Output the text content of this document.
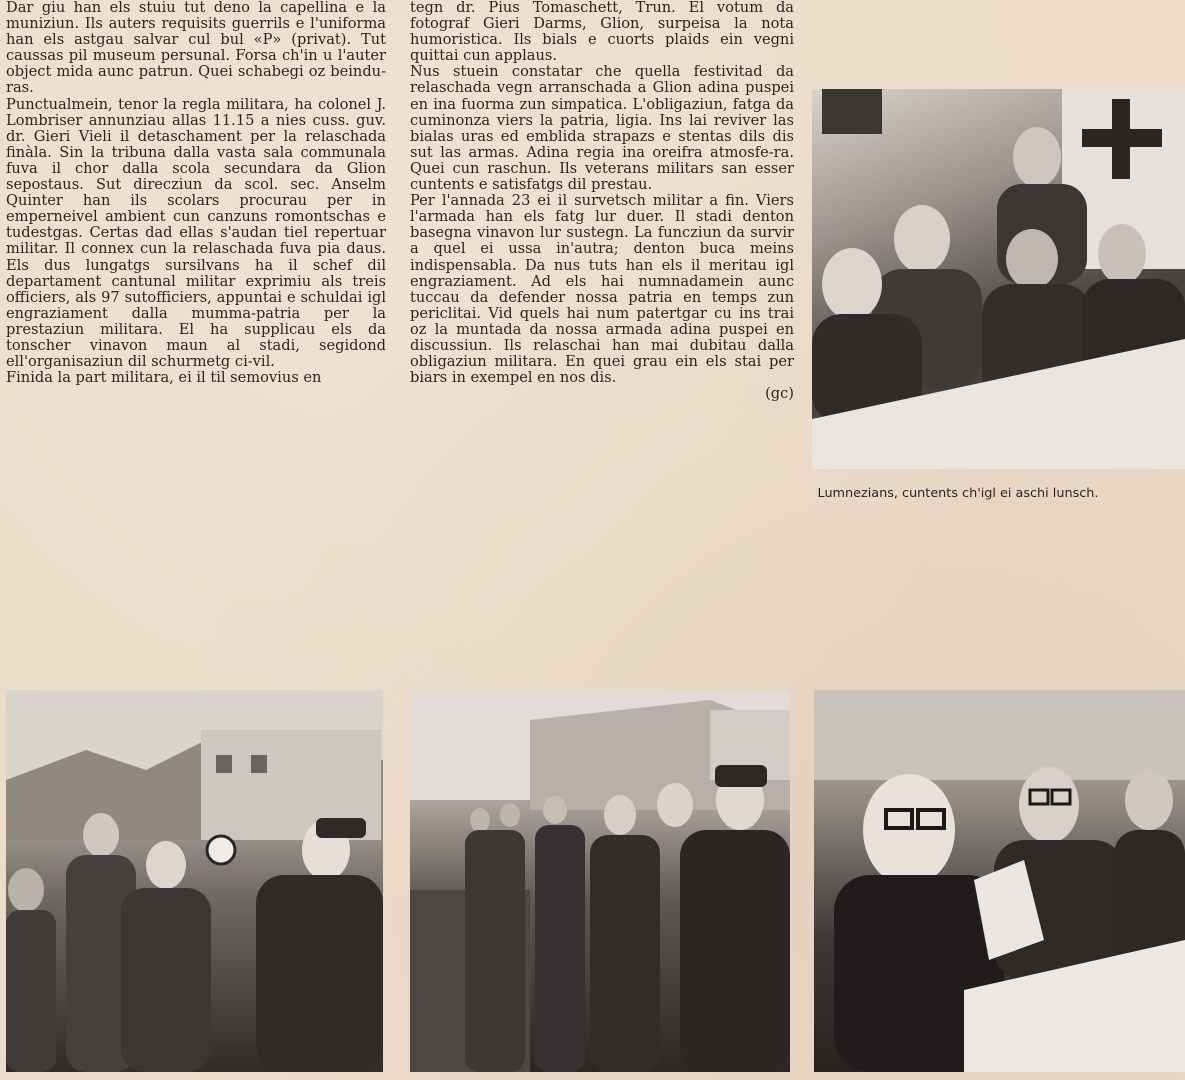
Dar giu han els stuiu tut deno la capellina e la muniziun. Ils auters requisits guerrils e l'uniforma han els astgau salvar cul bul «P» (privat). Tut caussas pil museum persunal. Forsa ch'in u l'auter object mida aunc patrun. Quei schabegi oz beindu-ras.

Punctualmein, tenor la regla militara, ha colonel J. Lombriser annunziau allas 11.15 a nies cuss. guv. dr. Gieri Vieli il detaschament per la relaschada finàla. Sin la tribuna dalla vasta sala communala fuva il chor dalla scola secundara da Glion sepostaus. Sut direcziun da scol. sec. Anselm Quinter han ils scolars procurau per in emperneivel ambient cun canzuns romontschas e tudestgas. Certas dad ellas s'audan tiel repertuar militar. Il connex cun la relaschada fuva pia daus. Els dus lungatgs sursilvans ha il schef dil departament cantunal militar exprimiu als treis officiers, als 97 sutofficiers, appuntai e schuldai igl engraziament dalla mumma-patria per la prestaziun militara. El ha supplicau els da tonscher vinavon maun al stadi, segidond ell'organisaziun dil schurmetg ci-vil.

Finida la part militara, ei il til semovius en

tegn dr. Pius Tomaschett, Trun. El votum da fotograf Gieri Darms, Glion, surpeisa la nota humoristica. Ils bials e cuorts plaids ein vegni quittai cun applaus.

Nus stuein constatar che quella festivitad da relaschada vegn arranschada a Glion adina puspei en ina fuorma zun simpatica. L'obligaziun, fatga da cuminonza viers la patria, ligia. Ins lai reviver las bialas uras ed emblida strapazs e stentas dils dis sut las armas. Adina regia ina oreifra atmosfe-ra. Quei cun raschun. Ils veterans militars san esser cuntents e satisfatgs dil prestau.

Per l'annada 23 ei il survetsch militar a fin. Viers l'armada han els fatg lur duer. Il stadi denton basegna vinavon lur sustegn. La funcziun da survir a quel ei ussa in'autra; denton buca meins indispensabla. Da nus tuts han els il meritau igl engraziament. Ad els hai numnadamein aunc tuccau da defender nossa patria en temps zun periclitai. Vid quels hai num patertgar cu ins trai oz la muntada da nossa armada adina puspei en discussiun. Ils relaschai han mai dubitau dalla obligaziun militara. En quei grau ein els stai per biars in exempel en nos dis.

(gc)
Lumnezians, cuntents ch'igl ei aschi lunsch.
